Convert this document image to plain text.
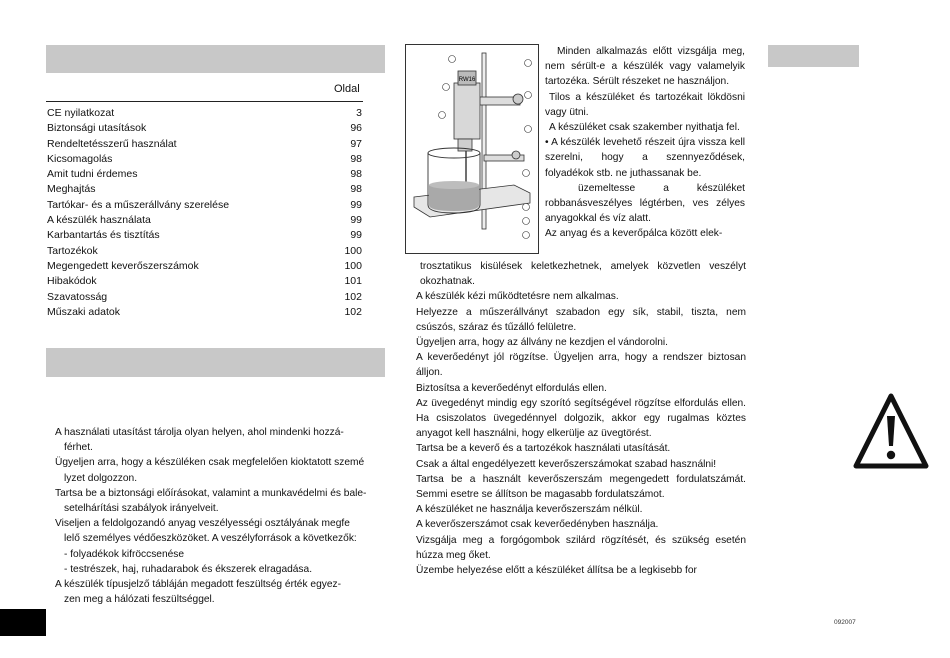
Oldal
CE nyilatkozat	3
Biztonsági utasítások	96
Rendeltetésszerű használat	97
Kicsomagolás	98
Amit tudni érdemes	98
Meghajtás	98
Tartókar- és a műszerállvány szerelése	99
A készülék használata	99
Karbantartás és tisztítás	99
Tartozékok	100
Megengedett keverőszerszámok	100
Hibakódok	101
Szavatosság	102
Műszaki adatok	102

A használati utasítást tárolja olyan helyen, ahol mindenki hozzá-

férhet.

Ügyeljen arra, hogy a készüléken csak megfelelően kioktatott szemé

lyzet dolgozzon.

Tartsa be a biztonsági előírásokat, valamint a munkavédelmi és bale-

setelhárítási szabályok irányelveit.

Viseljen a feldolgozandó anyag veszélyességi osztályának megfe

lelő személyes védőeszközöket. A veszélyforrások a következők:

- folyadékok kifröccsenése

- testrészek, haj, ruhadarabok és ékszerek elragadása.

A készülék típusjelző tábláján megadott feszültség érték egyez-

zen meg a hálózati feszültséggel.

RW16

Minden alkalmazás előtt vizsgálja meg, nem sérült-e a készülék vagy valamelyik tartozéka. Sérült részeket ne használjon.

Tilos a készüléket és tartozékait lökdösni vagy ütni.

A készüléket csak szakember nyithatja fel.

• A készülék levehető részeit újra vissza kell szerelni, hogy a szennyeződések, folyadékok stb. ne juthassanak be.

üzemeltesse a készüléket robbanásveszélyes légtérben, ves zélyes anyagokkal és víz alatt.

Az anyag és a keverőpálca között elek-

trosztatikus kisülések keletkezhetnek, amelyek közvetlen veszélyt okozhatnak.

A készülék kézi működtetésre nem alkalmas.

Helyezze a műszerállványt szabadon egy sík, stabil, tiszta, nem csúszós, száraz és tűzálló felületre.

Ügyeljen arra, hogy az állvány ne kezdjen el vándorolni.

A keverőedényt jól rögzítse. Ügyeljen arra, hogy a rendszer biztosan álljon.

Biztosítsa a keverőedényt elfordulás ellen.

Az üvegedényt mindig egy szorító segítségével rögzítse elfordulás ellen. Ha csiszolatos üvegedénnyel dolgozik, akkor egy rugalmas köztes anyagot kell használni, hogy elkerülje az üvegtörést.

Tartsa be a keverő és a tartozékok használati utasítását.

Csak a által engedélyezett keverőszerszámokat szabad használni!

Tartsa be a használt keverőszerszám megengedett fordulatszámát. Semmi esetre se állítson be magasabb fordulatszámot.

A készüléket ne használja keverőszerszám nélkül.

A keverőszerszámot csak keverőedényben használja.

Vizsgálja meg a forgógombok szilárd rögzítését, és szükség esetén húzza meg őket.

Üzembe helyezése előtt a készüléket állítsa be a legkisebb for

092007
